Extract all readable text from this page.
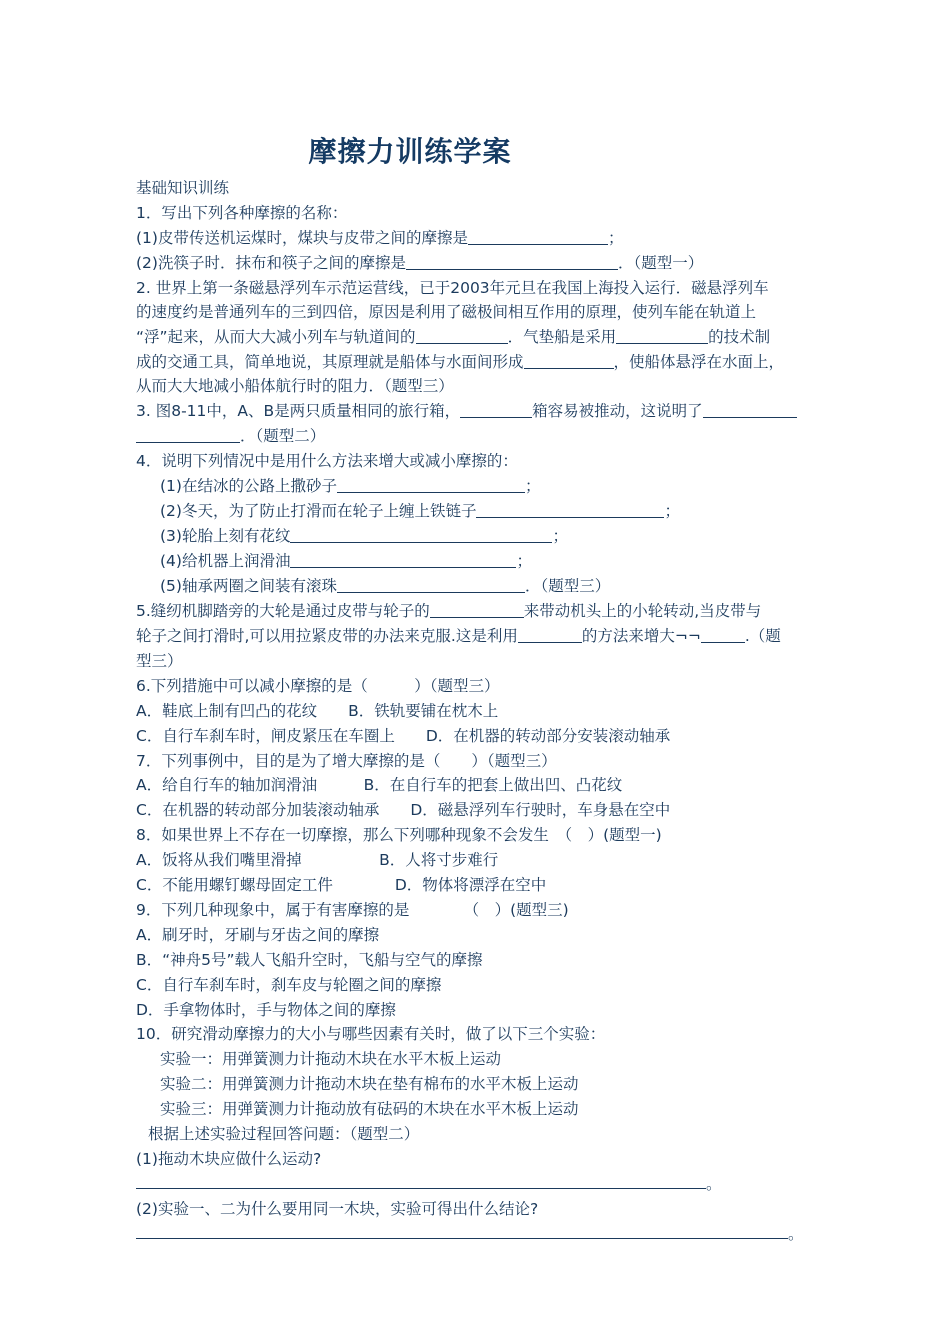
摩擦力训练学案
基础知识训练
1．写出下列各种摩擦的名称：
(1)皮带传送机运煤时，煤块与皮带之间的摩擦是	；
(2)洗筷子时．抹布和筷子之间的摩擦是	．（题型一）
2. 世界上第一条磁悬浮列车示范运营线，已于2003年元旦在我国上海投入运行．磁悬浮列车
的速度约是普通列车的三到四倍，原因是利用了磁极间相互作用的原理，使列车能在轨道上
“浮”起来，从而大大减小列车与轨道间的	．气垫船是采用	的技术制
成的交通工具，简单地说，其原理就是船体与水面间形成	，使船体悬浮在水面上，
从而大大地减小船体航行时的阻力．（题型三）
3. 图8-11中，A、B是两只质量相同的旅行箱，	箱容易被推动，这说明了
．（题型二）
4．说明下列情况中是用什么方法来增大或减小摩擦的：
(1)在结冰的公路上撒砂子	；
(2)冬天，为了防止打滑而在轮子上缠上铁链子	；
(3)轮胎上刻有花纹	；
(4)给机器上润滑油	；
(5)轴承两圈之间装有滚珠	．（题型三）
5.缝纫机脚踏旁的大轮是通过皮带与轮子的	来带动机头上的小轮转动,当皮带与
轮子之间打滑时,可以用拉紧皮带的办法来克服.这是利用	的方法来增大¬¬	.（题
型三）
6.下列措施中可以减小摩擦的是（　　　）（题型三）
A．鞋底上制有凹凸的花纹　　B．铁轨要铺在枕木上
C．自行车刹车时，闸皮紧压在车圈上　　D．在机器的转动部分安装滚动轴承
7．下列事例中，目的是为了增大摩擦的是（　　）（题型三）
A．给自行车的轴加润滑油　　　B．在自行车的把套上做出凹、凸花纹
C．在机器的转动部分加装滚动轴承　　D．磁悬浮列车行驶时，车身悬在空中
8．如果世界上不存在一切摩擦，那么下列哪种现象不会发生　（　）(题型一)
A．饭将从我们嘴里滑掉　　　　　B．人将寸步难行
C．不能用螺钉螺母固定工件　　　　D．物体将漂浮在空中
9．下列几种现象中，属于有害摩擦的是　　　　（　）(题型三)
A．刷牙时，牙刷与牙齿之间的摩擦
B．“神舟5号”载人飞船升空时，飞船与空气的摩擦
C．自行车刹车时，刹车皮与轮圈之间的摩擦
D．手拿物体时，手与物体之间的摩擦
10．研究滑动摩擦力的大小与哪些因素有关时，做了以下三个实验：
实验一：用弹簧测力计拖动木块在水平木板上运动
实验二：用弹簧测力计拖动木块在垫有棉布的水平木板上运动
实验三：用弹簧测力计拖动放有砝码的木块在水平木板上运动
根据上述实验过程回答问题：（题型二）
(1)拖动木块应做什么运动?
。
(2)实验一、二为什么要用同一木块，实验可得出什么结论?
。
